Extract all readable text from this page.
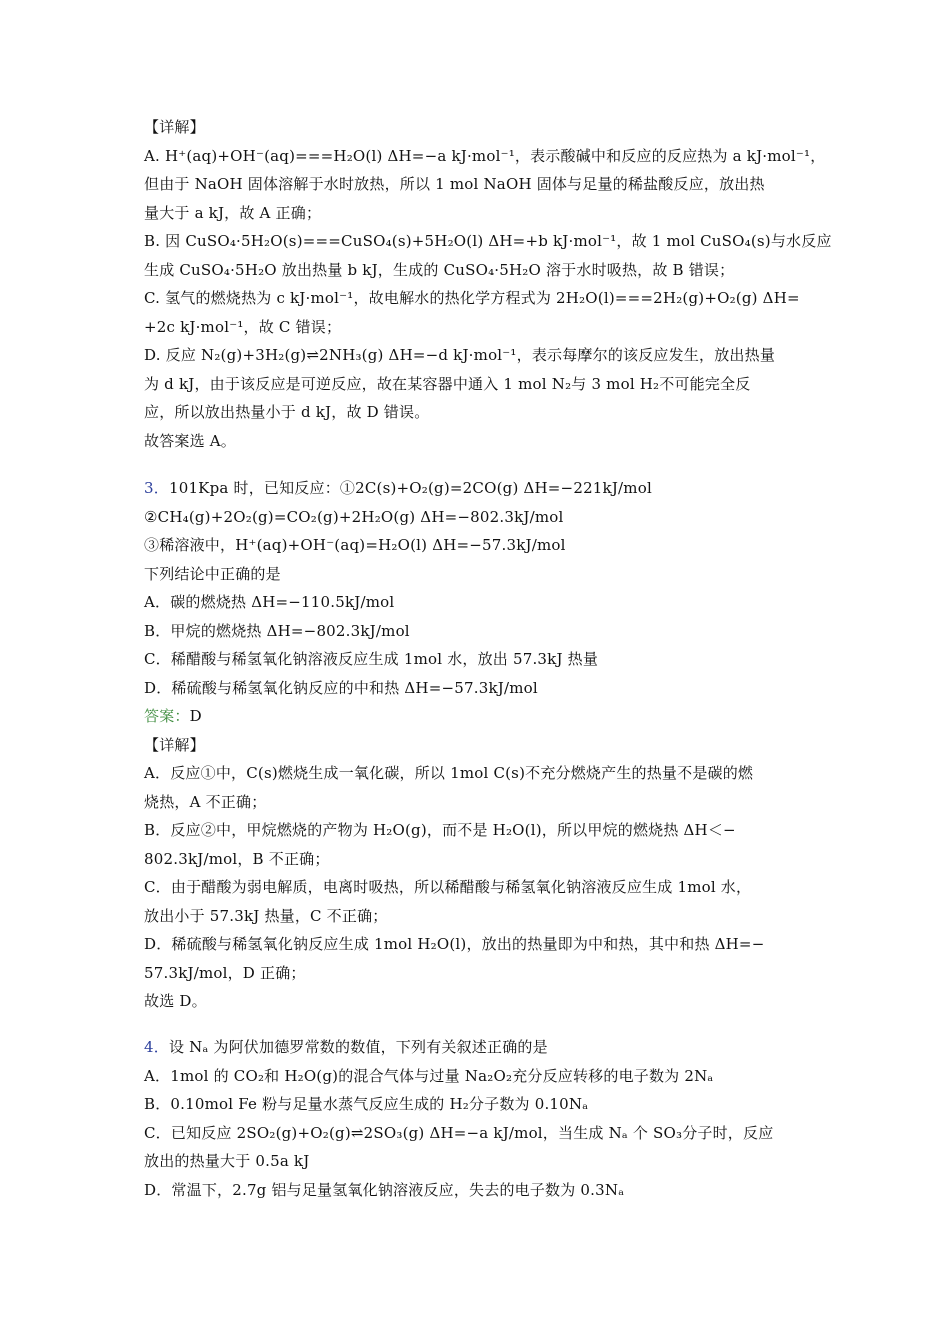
【详解】
A. H⁺(aq)+OH⁻(aq)===H₂O(l) ΔH=−a kJ·mol⁻¹，表示酸碱中和反应的反应热为 a kJ·mol⁻¹，
但由于 NaOH 固体溶解于水时放热，所以 1 mol NaOH 固体与足量的稀盐酸反应，放出热
量大于 a kJ，故 A 正确；
B. 因 CuSO₄·5H₂O(s)===CuSO₄(s)+5H₂O(l) ΔH=+b kJ·mol⁻¹，故 1 mol CuSO₄(s)与水反应
生成 CuSO₄·5H₂O 放出热量 b kJ，生成的 CuSO₄·5H₂O 溶于水时吸热，故 B 错误；
C. 氢气的燃烧热为 c kJ·mol⁻¹，故电解水的热化学方程式为 2H₂O(l)===2H₂(g)+O₂(g) ΔH=
+2c kJ·mol⁻¹，故 C 错误；
D. 反应 N₂(g)+3H₂(g)⇌2NH₃(g) ΔH=−d kJ·mol⁻¹，表示每摩尔的该反应发生，放出热量
为 d kJ，由于该反应是可逆反应，故在某容器中通入 1 mol N₂与 3 mol H₂不可能完全反
应，所以放出热量小于 d kJ，故 D 错误。
故答案选 A。
3．101Kpa 时，已知反应：①2C(s)+O₂(g)=2CO(g) ΔH=−221kJ/mol
②CH₄(g)+2O₂(g)=CO₂(g)+2H₂O(g) ΔH=−802.3kJ/mol
③稀溶液中，H⁺(aq)+OH⁻(aq)=H₂O(l) ΔH=−57.3kJ/mol
下列结论中正确的是
A．碳的燃烧热 ΔH=−110.5kJ/mol
B．甲烷的燃烧热 ΔH=−802.3kJ/mol
C．稀醋酸与稀氢氧化钠溶液反应生成 1mol 水，放出 57.3kJ 热量
D．稀硫酸与稀氢氧化钠反应的中和热 ΔH=−57.3kJ/mol
答案：D
【详解】
A．反应①中，C(s)燃烧生成一氧化碳，所以 1mol C(s)不充分燃烧产生的热量不是碳的燃
烧热，A 不正确；
B．反应②中，甲烷燃烧的产物为 H₂O(g)，而不是 H₂O(l)，所以甲烷的燃烧热 ΔH＜−
802.3kJ/mol，B 不正确；
C．由于醋酸为弱电解质，电离时吸热，所以稀醋酸与稀氢氧化钠溶液反应生成 1mol 水，
放出小于 57.3kJ 热量，C 不正确；
D．稀硫酸与稀氢氧化钠反应生成 1mol H₂O(l)，放出的热量即为中和热，其中和热 ΔH=−
57.3kJ/mol，D 正确；
故选 D。
4．设 Nₐ 为阿伏加德罗常数的数值，下列有关叙述正确的是
A．1mol 的 CO₂和 H₂O(g)的混合气体与过量 Na₂O₂充分反应转移的电子数为 2Nₐ
B．0.10mol Fe 粉与足量水蒸气反应生成的 H₂分子数为 0.10Nₐ
C．已知反应 2SO₂(g)+O₂(g)⇌2SO₃(g) ΔH=−a kJ/mol，当生成 Nₐ 个 SO₃分子时，反应
放出的热量大于 0.5a kJ
D．常温下，2.7g 铝与足量氢氧化钠溶液反应，失去的电子数为 0.3Nₐ
